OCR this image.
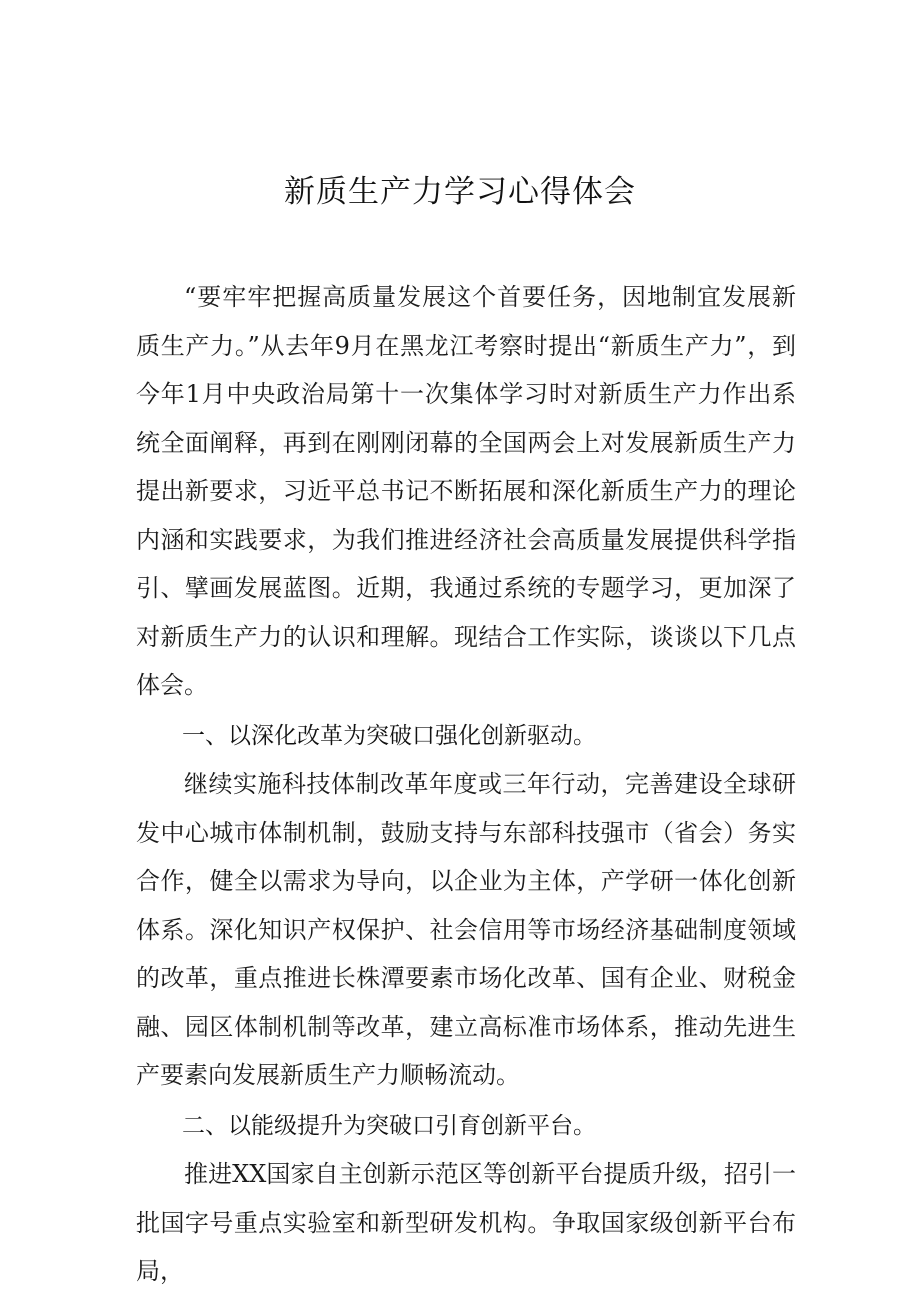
新质生产力学习心得体会

“要牢牢把握高质量发展这个首要任务，因地制宜发展新质生产力。”从去年9月在黑龙江考察时提出“新质生产力”，到今年1月中央政治局第十一次集体学习时对新质生产力作出系统全面阐释，再到在刚刚闭幕的全国两会上对发展新质生产力提出新要求，习近平总书记不断拓展和深化新质生产力的理论内涵和实践要求，为我们推进经济社会高质量发展提供科学指引、擘画发展蓝图。近期，我通过系统的专题学习，更加深了对新质生产力的认识和理解。现结合工作实际，谈谈以下几点体会。

一、以深化改革为突破口强化创新驱动。

继续实施科技体制改革年度或三年行动，完善建设全球研发中心城市体制机制，鼓励支持与东部科技强市（省会）务实合作，健全以需求为导向，以企业为主体，产学研一体化创新体系。深化知识产权保护、社会信用等市场经济基础制度领域的改革，重点推进长株潭要素市场化改革、国有企业、财税金融、园区体制机制等改革，建立高标准市场体系，推动先进生产要素向发展新质生产力顺畅流动。

二、以能级提升为突破口引育创新平台。

推进XX国家自主创新示范区等创新平台提质升级，招引一批国字号重点实验室和新型研发机构。争取国家级创新平台布局，
